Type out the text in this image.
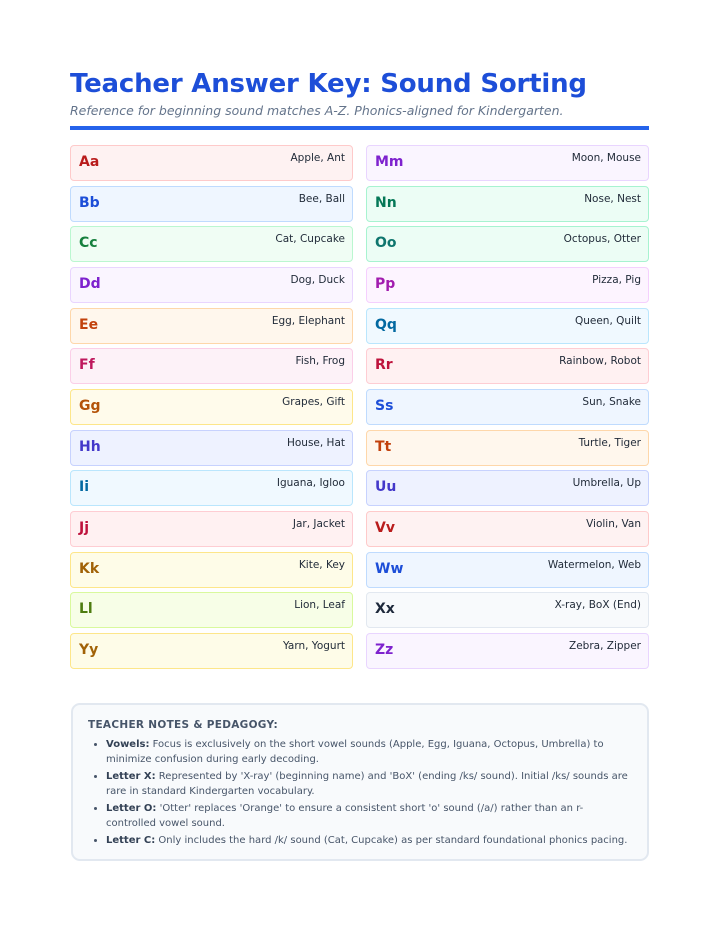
Teacher Answer Key: Sound Sorting

Reference for beginning sound matches A-Z. Phonics-aligned for Kindergarten.

Aa	Apple, Ant Mm	Moon, Mouse
Bb	Bee, Ball Nn	Nose, Nest
Cc	Cat, Cupcake Oo	Octopus, Otter
Dd	Dog, Duck Pp	Pizza, Pig
Ee	Egg, Elephant Qq	Queen, Quilt
Ff	Fish, Frog Rr	Rainbow, Robot
Gg	Grapes, Gift Ss	Sun, Snake
Hh	House, Hat Tt	Turtle, Tiger
Ii	Iguana, Igloo Uu	Umbrella, Up
Jj	Jar, Jacket Vv	Violin, Van
Kk	Kite, Key Ww	Watermelon, Web
Ll	Lion, Leaf Xx	X-ray, BoX (End)
Yy	Yarn, Yogurt Zz	Zebra, Zipper

TEACHER NOTES & PEDAGOGY:

• Vowels: Focus is exclusively on the short vowel sounds (Apple, Egg, Iguana, Octopus, Umbrella) to minimize confusion during early decoding.
• Letter X: Represented by 'X-ray' (beginning name) and 'BoX' (ending /ks/ sound). Initial /ks/ sounds are rare in standard Kindergarten vocabulary.
• Letter O: 'Otter' replaces 'Orange' to ensure a consistent short 'o' sound (/a/) rather than an r-controlled vowel sound.
• Letter C: Only includes the hard /k/ sound (Cat, Cupcake) as per standard foundational phonics pacing.
